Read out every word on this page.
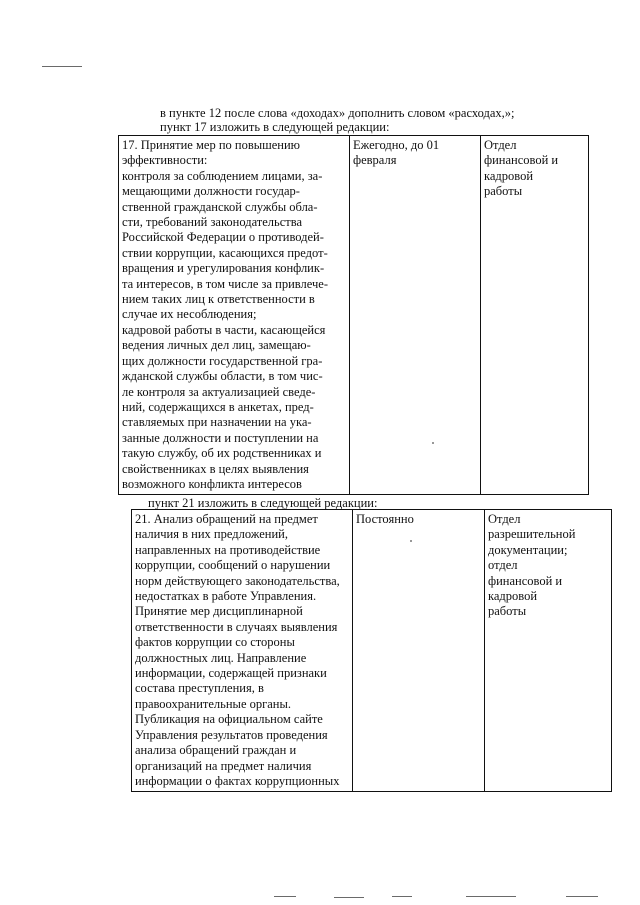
в пункте 12 после слова «доходах» дополнить словом «расходах,»;

пункт 17 изложить в следующей редакции:

17. Принятие мер по повышению
эффективности:
контроля за соблюдением лицами, за-
мещающими должности государ-
ственной гражданской службы обла-
сти, требований законодательства
Российской Федерации о противодей-
ствии коррупции, касающихся предот-
вращения и урегулирования конфлик-
та интересов, в том числе за привлече-
нием таких лиц к ответственности в
случае их несоблюдения;
кадровой работы в части, касающейся
ведения личных дел лиц, замещаю-
щих должности государственной гра-
жданской службы области, в том чис-
ле контроля за актуализацией сведе-
ний, содержащихся в анкетах, пред-
ставляемых при назначении на ука-
занные должности и поступлении на
такую службу, об их родственниках и
свойственниках в целях выявления
возможного конфликта интересов	Ежегодно, до 01
февраля	Отдел
финансовой и
кадровой
работы

пункт 21 изложить в следующей редакции:

21. Анализ обращений на предмет
наличия в них предложений,
направленных на противодействие
коррупции, сообщений о нарушении
норм действующего законодательства,
недостатках в работе Управления.
Принятие мер дисциплинарной
ответственности в случаях выявления
фактов коррупции со стороны
должностных лиц. Направление
информации, содержащей признаки
состава преступления, в
правоохранительные органы.
Публикация на официальном сайте
Управления результатов проведения
анализа обращений граждан и
организаций на предмет наличия
информации о фактах коррупционных	Постоянно	Отдел
разрешительной
документации;
отдел
финансовой и
кадровой
работы
